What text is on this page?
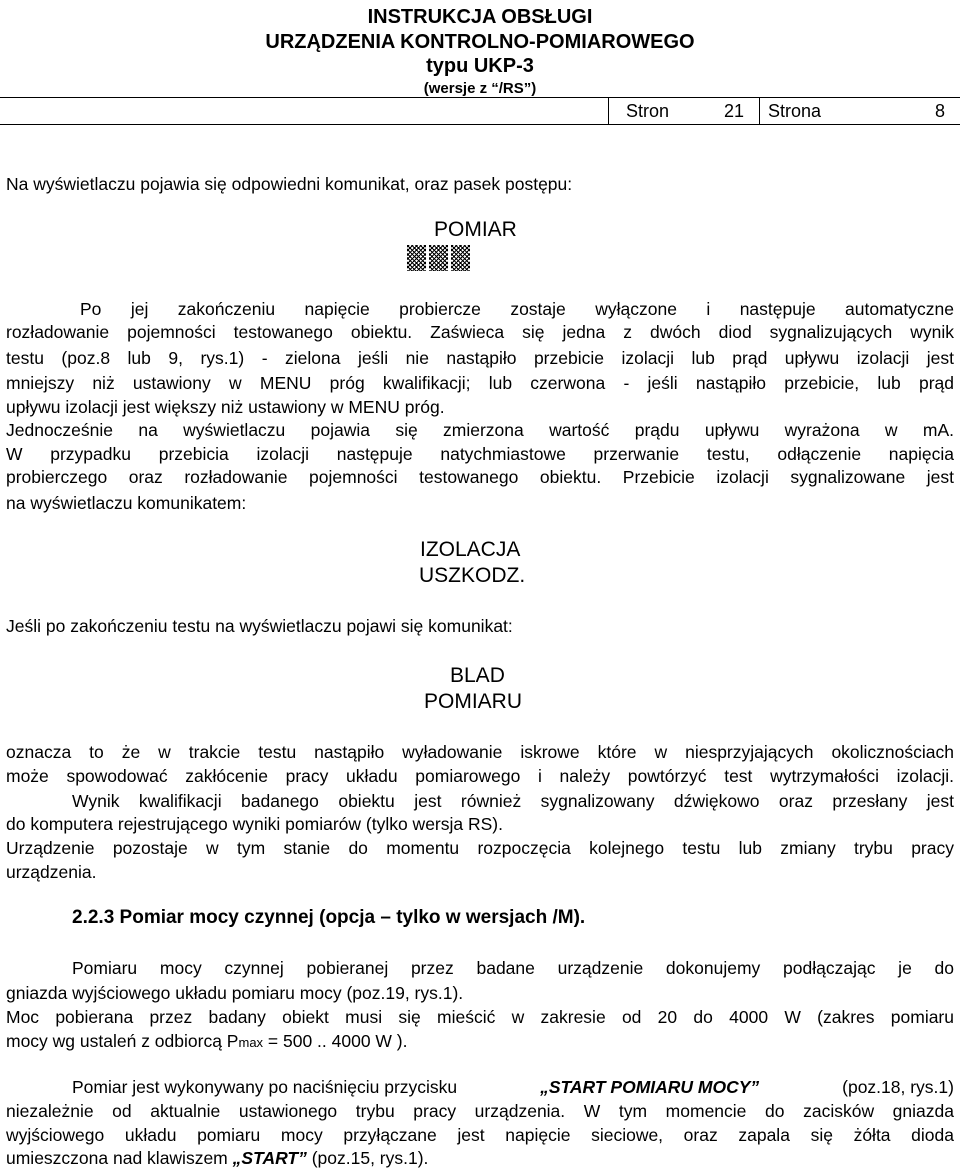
INSTRUKCJA OBSŁUGI
URZĄDZENIA KONTROLNO-POMIAROWEGO
typu UKP-3
(wersje z “/RS”)
Stron	21 Strona	8
Na wyświetlaczu pojawia się odpowiedni komunikat, oraz pasek postępu:
POMIAR
Po jej zakończeniu napięcie probiercze zostaje wyłączone i następuje automatyczne
rozładowanie pojemności testowanego obiektu. Zaświeca się jedna z dwóch diod sygnalizujących wynik
testu (poz.8 lub 9, rys.1) - zielona jeśli nie nastąpiło przebicie izolacji lub prąd upływu izolacji jest
mniejszy niż ustawiony w MENU próg kwalifikacji; lub czerwona - jeśli nastąpiło przebicie, lub prąd
upływu izolacji jest większy niż ustawiony w MENU próg.
Jednocześnie na wyświetlaczu pojawia się zmierzona wartość prądu upływu wyrażona w mA.
W przypadku przebicia izolacji następuje natychmiastowe przerwanie testu, odłączenie napięcia
probierczego oraz rozładowanie pojemności testowanego obiektu. Przebicie izolacji sygnalizowane jest
na wyświetlaczu komunikatem:
IZOLACJA
USZKODZ.
Jeśli po zakończeniu testu na wyświetlaczu pojawi się komunikat:
BLAD
POMIARU
oznacza to że w trakcie testu nastąpiło wyładowanie iskrowe które w niesprzyjających okolicznościach
może spowodować zakłócenie pracy układu pomiarowego i należy powtórzyć test wytrzymałości izolacji.
Wynik kwalifikacji badanego obiektu jest również sygnalizowany dźwiękowo oraz przesłany jest
do komputera rejestrującego wyniki pomiarów (tylko wersja RS).
Urządzenie pozostaje w tym stanie do momentu rozpoczęcia kolejnego testu lub zmiany trybu pracy
urządzenia.
2.2.3 Pomiar mocy czynnej (opcja – tylko w wersjach /M).
Pomiaru mocy czynnej pobieranej przez badane urządzenie dokonujemy podłączając je do
gniazda wyjściowego układu pomiaru mocy (poz.19, rys.1).
Moc pobierana przez badany obiekt musi się mieścić w zakresie od 20 do 4000 W (zakres pomiaru
mocy wg ustaleń z odbiorcą Pmax = 500 .. 4000 W ).
Pomiar jest wykonywany po naciśnięciu przycisku	„START POMIARU MOCY”	(poz.18, rys.1)
niezależnie od aktualnie ustawionego trybu pracy urządzenia. W tym momencie do zacisków gniazda
wyjściowego układu pomiaru mocy przyłączane jest napięcie sieciowe, oraz zapala się żółta dioda
umieszczona nad klawiszem „START” (poz.15, rys.1).
